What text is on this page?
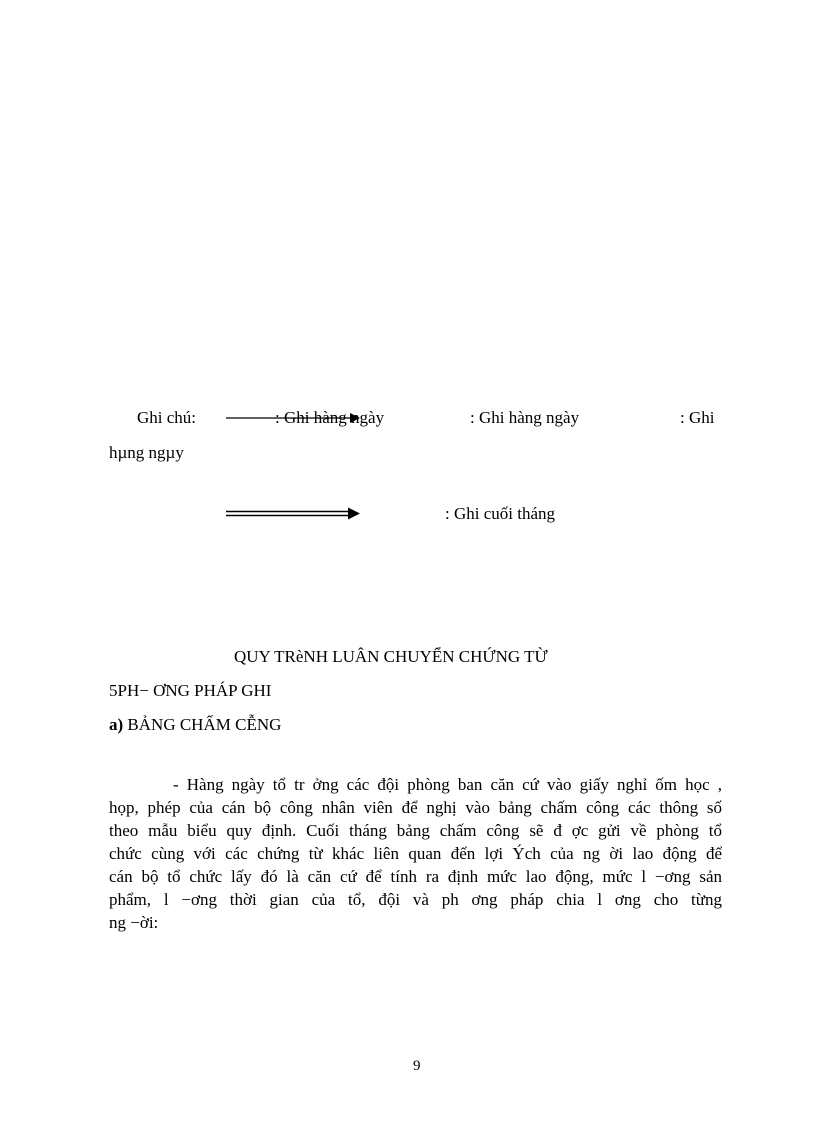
Ghi chú:	: Ghi hàng ngày	: Ghi hàng ngày	: Ghi
hµng ngµy
: Ghi cuối tháng
QUY TRèNH LUÂN CHUYỂN CHỨNG TỪ
5PH− ƠNG PHÁP GHI
a) BẢNG CHẤM CỄNG
- Hàng ngày tổ tr ởng các đội phòng ban căn cứ vào giấy nghỉ ốm học ,
họp, phép của cán bộ công nhân viên để nghị vào bảng chấm công các thông số
theo mẫu biểu quy định. Cuối tháng bảng chấm công sẽ đ ợc gửi về phòng tổ
chức cùng với các chứng từ khác liên quan đến lợi Ých của ng ời lao động để
cán bộ tổ chức lấy đó là căn cứ để tính ra định mức lao động, mức l −ơng sản
phẩm, l −ơng thời gian của tổ, đội và ph ơng pháp chia l ơng cho từng
ng −ời:
9
